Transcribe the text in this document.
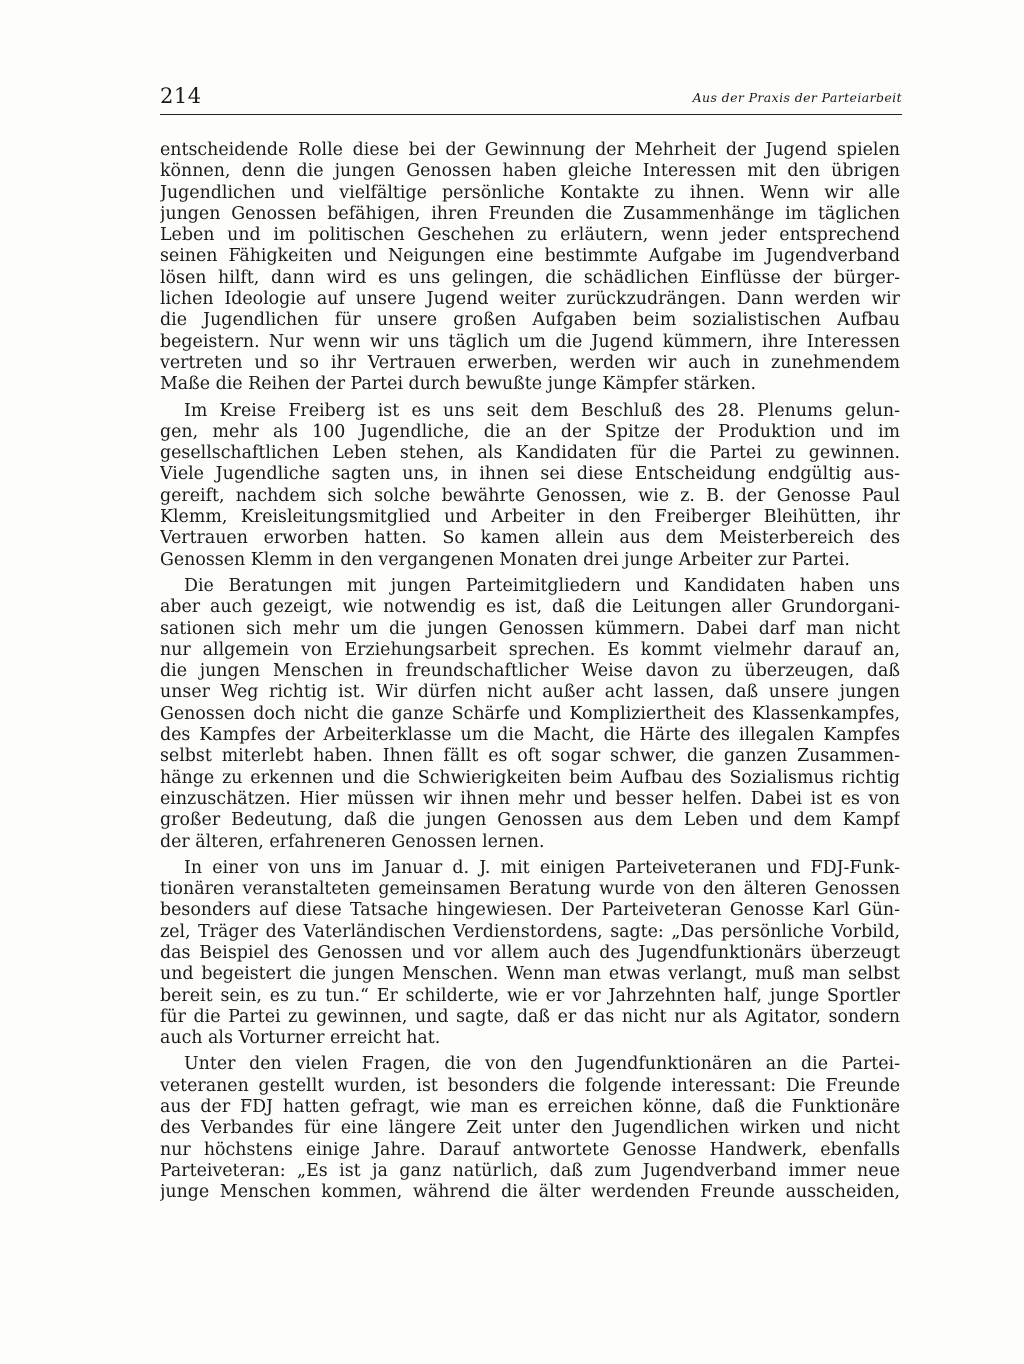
214	Aus der Praxis der Parteiarbeit
entscheidende Rolle diese bei der Gewinnung der Mehrheit der Jugend spielen
können, denn die jungen Genossen haben gleiche Interessen mit den übrigen
Jugendlichen und vielfältige persönliche Kontakte zu ihnen. Wenn wir alle
jungen Genossen befähigen, ihren Freunden die Zusammenhänge im täglichen
Leben und im politischen Geschehen zu erläutern, wenn jeder entsprechend
seinen Fähigkeiten und Neigungen eine bestimmte Aufgabe im Jugendverband
lösen hilft, dann wird es uns gelingen, die schädlichen Einflüsse der bürger-
lichen Ideologie auf unsere Jugend weiter zurückzudrängen. Dann werden wir
die Jugendlichen für unsere großen Aufgaben beim sozialistischen Aufbau
begeistern. Nur wenn wir uns täglich um die Jugend kümmern, ihre Interessen
vertreten und so ihr Vertrauen erwerben, werden wir auch in zunehmendem
Maße die Reihen der Partei durch bewußte junge Kämpfer stärken.
Im Kreise Freiberg ist es uns seit dem Beschluß des 28. Plenums gelun-
gen, mehr als 100 Jugendliche, die an der Spitze der Produktion und im
gesellschaftlichen Leben stehen, als Kandidaten für die Partei zu gewinnen.
Viele Jugendliche sagten uns, in ihnen sei diese Entscheidung endgültig aus-
gereift, nachdem sich solche bewährte Genossen, wie z. B. der Genosse Paul
Klemm, Kreisleitungsmitglied und Arbeiter in den Freiberger Bleihütten, ihr
Vertrauen erworben hatten. So kamen allein aus dem Meisterbereich des
Genossen Klemm in den vergangenen Monaten drei junge Arbeiter zur Partei.
Die Beratungen mit jungen Parteimitgliedern und Kandidaten haben uns
aber auch gezeigt, wie notwendig es ist, daß die Leitungen aller Grundorgani-
sationen sich mehr um die jungen Genossen kümmern. Dabei darf man nicht
nur allgemein von Erziehungsarbeit sprechen. Es kommt vielmehr darauf an,
die jungen Menschen in freundschaftlicher Weise davon zu überzeugen, daß
unser Weg richtig ist. Wir dürfen nicht außer acht lassen, daß unsere jungen
Genossen doch nicht die ganze Schärfe und Kompliziertheit des Klassenkampfes,
des Kampfes der Arbeiterklasse um die Macht, die Härte des illegalen Kampfes
selbst miterlebt haben. Ihnen fällt es oft sogar schwer, die ganzen Zusammen-
hänge zu erkennen und die Schwierigkeiten beim Aufbau des Sozialismus richtig
einzuschätzen. Hier müssen wir ihnen mehr und besser helfen. Dabei ist es von
großer Bedeutung, daß die jungen Genossen aus dem Leben und dem Kampf
der älteren, erfahreneren Genossen lernen.
In einer von uns im Januar d. J. mit einigen Parteiveteranen und FDJ-Funk-
tionären veranstalteten gemeinsamen Beratung wurde von den älteren Genossen
besonders auf diese Tatsache hingewiesen. Der Parteiveteran Genosse Karl Gün-
zel, Träger des Vaterländischen Verdienstordens, sagte: „Das persönliche Vorbild,
das Beispiel des Genossen und vor allem auch des Jugendfunktionärs überzeugt
und begeistert die jungen Menschen. Wenn man etwas verlangt, muß man selbst
bereit sein, es zu tun.“ Er schilderte, wie er vor Jahrzehnten half, junge Sportler
für die Partei zu gewinnen, und sagte, daß er das nicht nur als Agitator, sondern
auch als Vorturner erreicht hat.
Unter den vielen Fragen, die von den Jugendfunktionären an die Partei-
veteranen gestellt wurden, ist besonders die folgende interessant: Die Freunde
aus der FDJ hatten gefragt, wie man es erreichen könne, daß die Funktionäre
des Verbandes für eine längere Zeit unter den Jugendlichen wirken und nicht
nur höchstens einige Jahre. Darauf antwortete Genosse Handwerk, ebenfalls
Parteiveteran: „Es ist ja ganz natürlich, daß zum Jugendverband immer neue
junge Menschen kommen, während die älter werdenden Freunde ausscheiden,
